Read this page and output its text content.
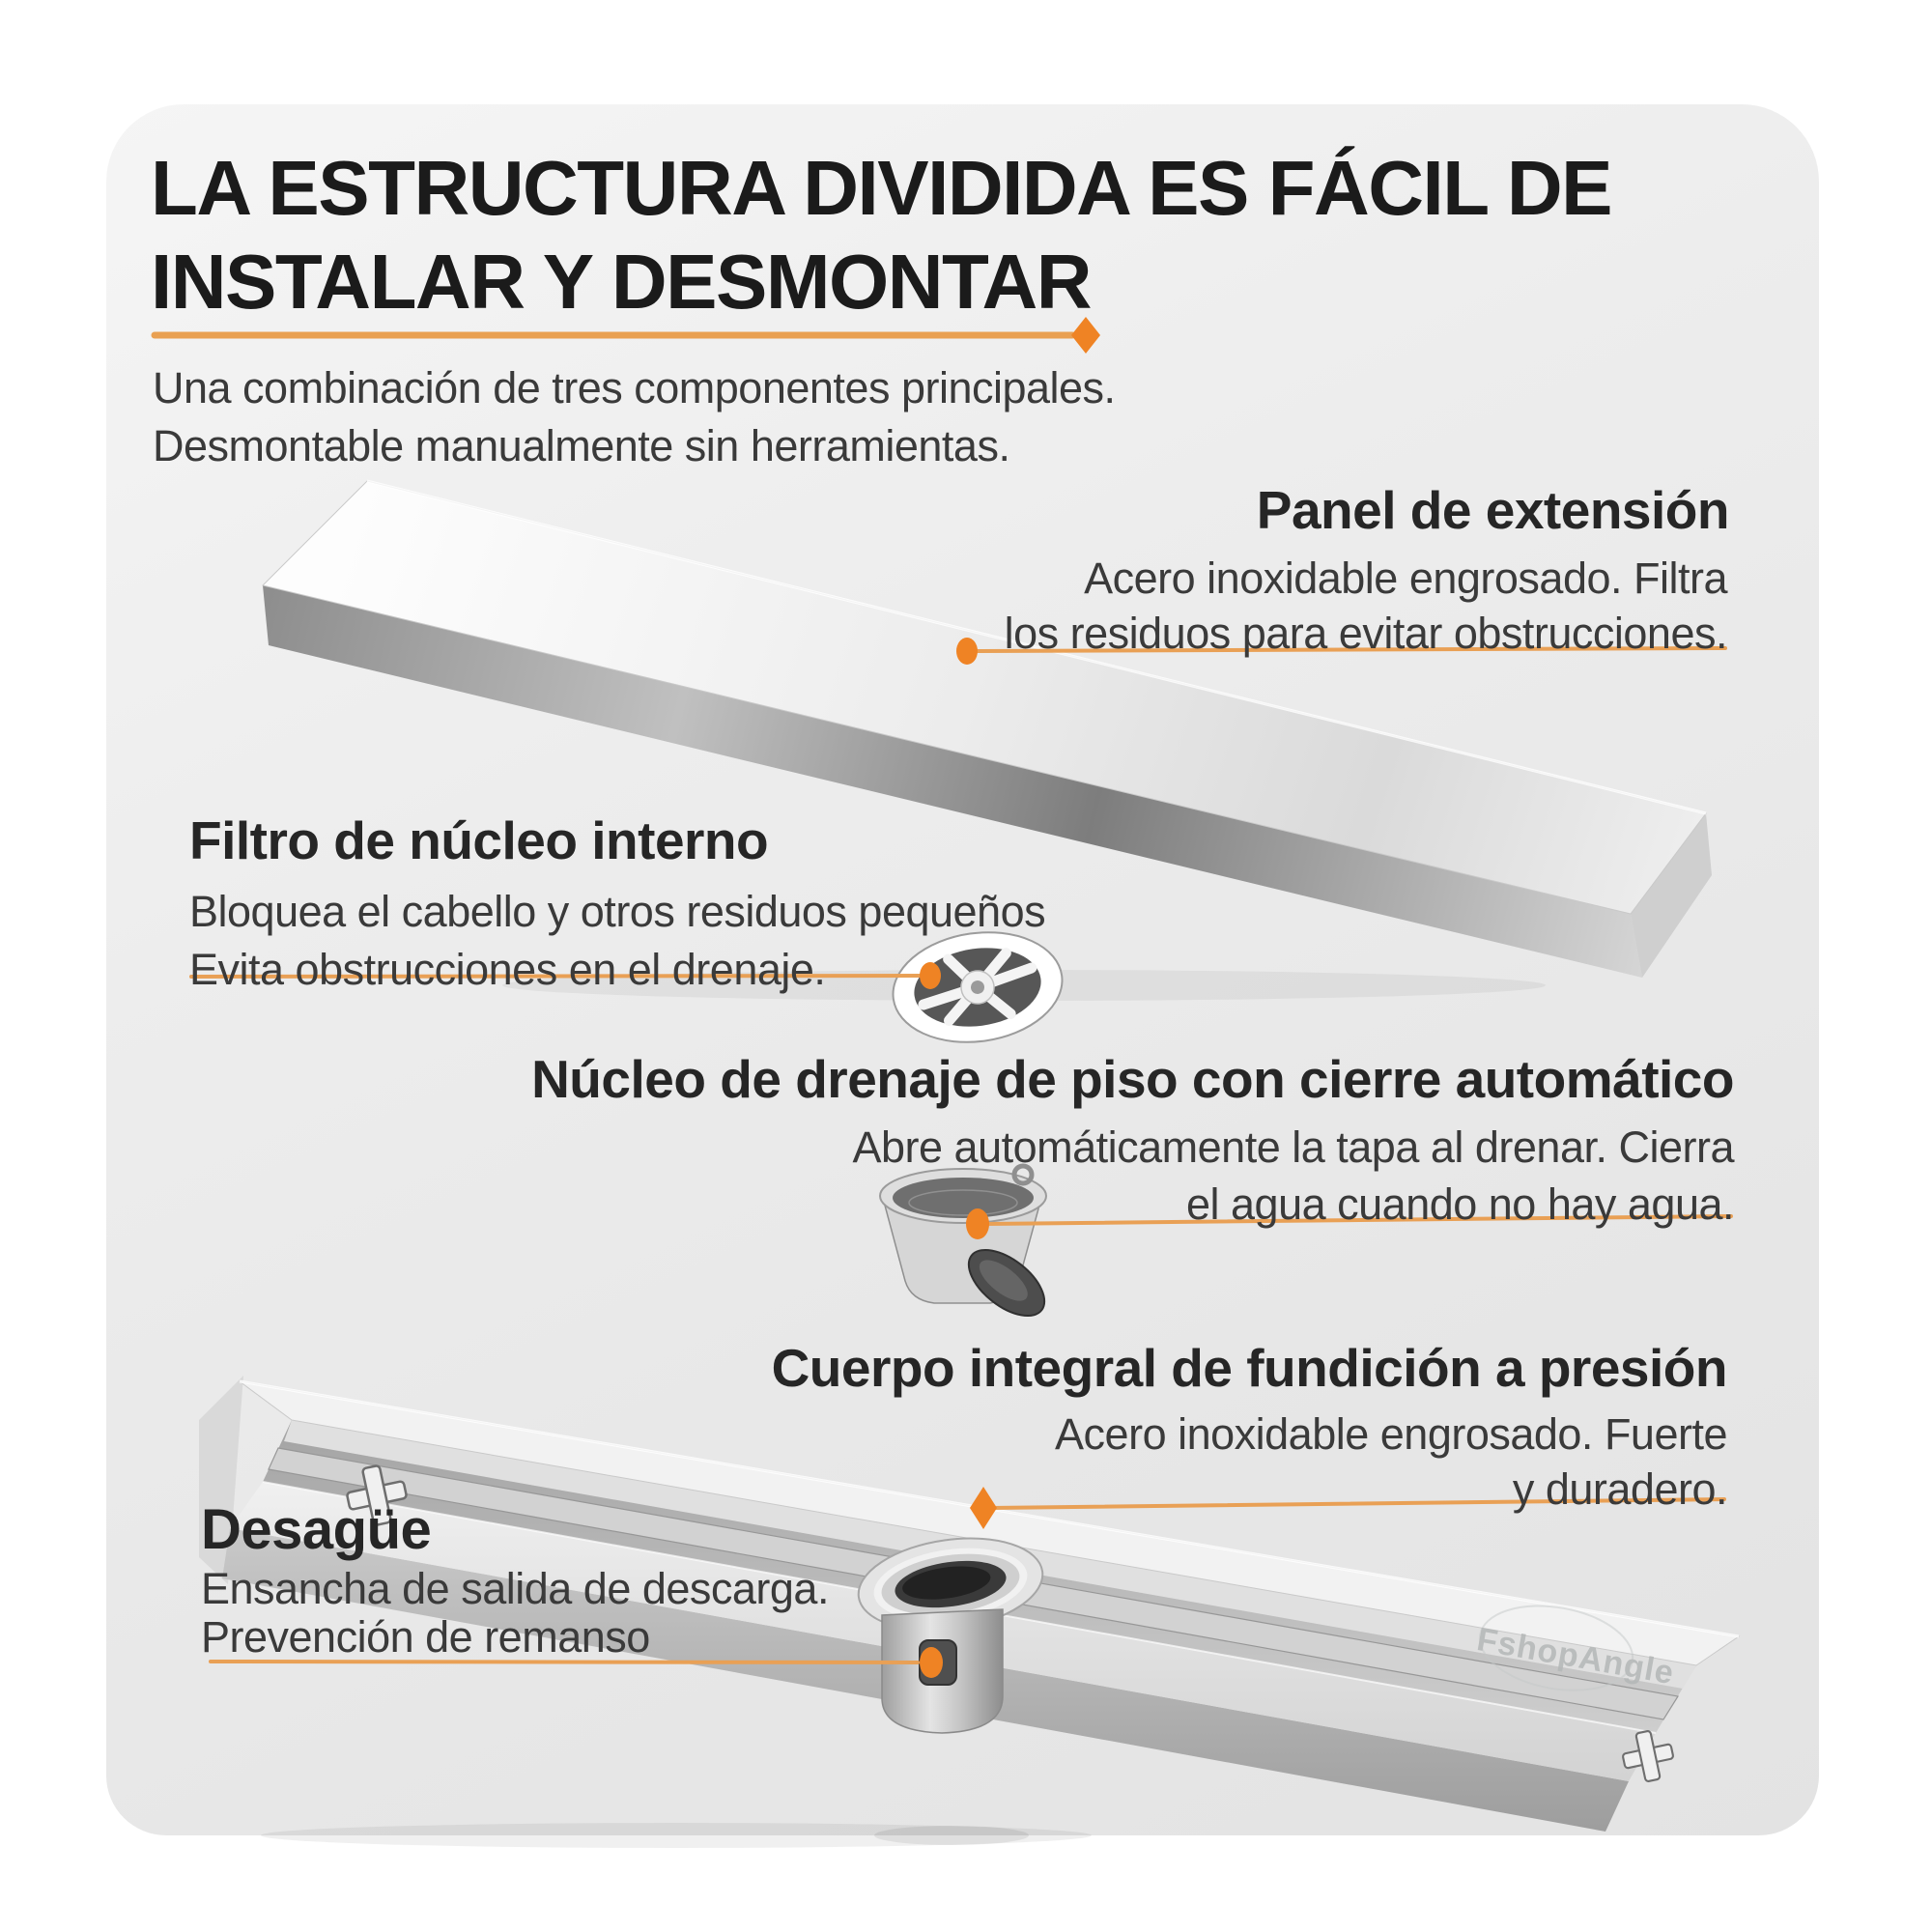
FshopAngle
LA ESTRUCTURA DIVIDIDA ES FÁCIL DE
INSTALAR Y DESMONTAR
Una combinación de tres componentes principales.
Desmontable manualmente sin herramientas.
Panel de extensión
Acero inoxidable engrosado. Filtra
los residuos para evitar obstrucciones.
Filtro de núcleo interno
Bloquea el cabello y otros residuos pequeños
Evita obstrucciones en el drenaje.
Núcleo de drenaje de piso con cierre automático
Abre automáticamente la tapa al drenar. Cierra
el agua cuando no hay agua.
Cuerpo integral de fundición a presión
Acero inoxidable engrosado. Fuerte
y duradero.
Desagüe
Ensancha de salida de descarga.
Prevención de remanso
